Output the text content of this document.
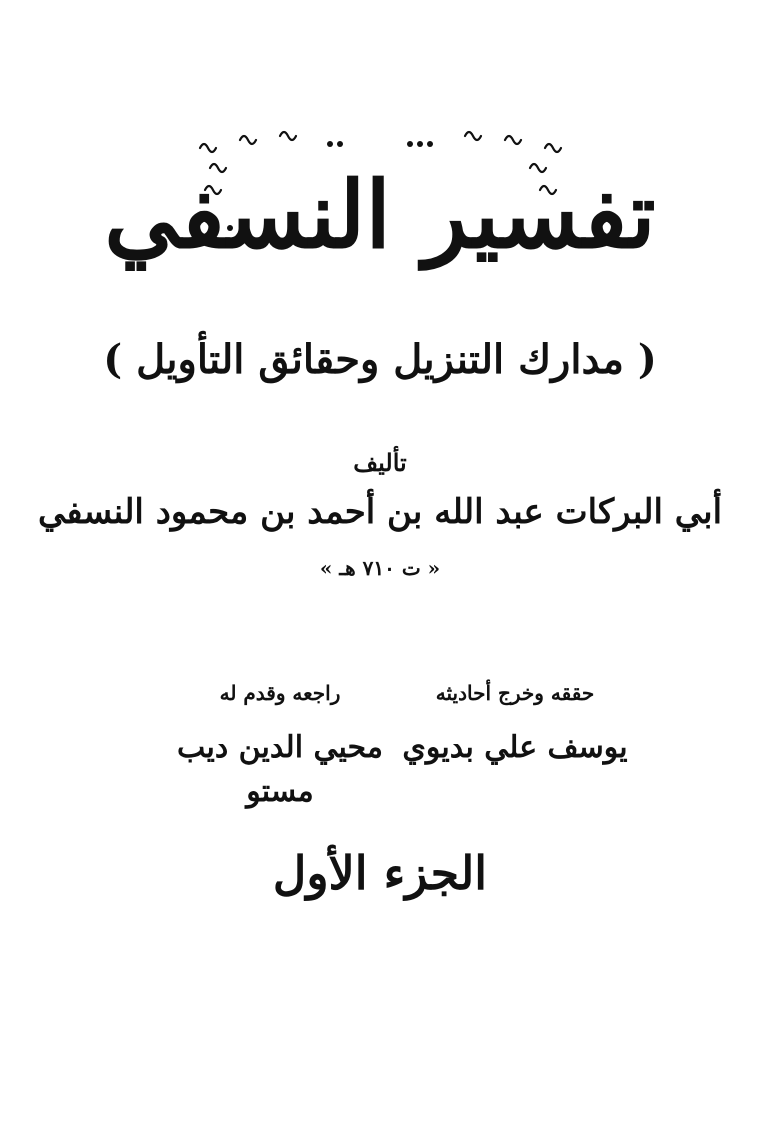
تفسير النسفي
( مدارك التنزيل وحقائق التأويل )
تأليف
أبي البركات عبد الله بن أحمد بن محمود النسفي
« ت ٧١٠ هـ »
حققه وخرج أحاديثه
يوسف علي بديوي
راجعه وقدم له
محيي الدين ديب مستو
الجزء الأول
